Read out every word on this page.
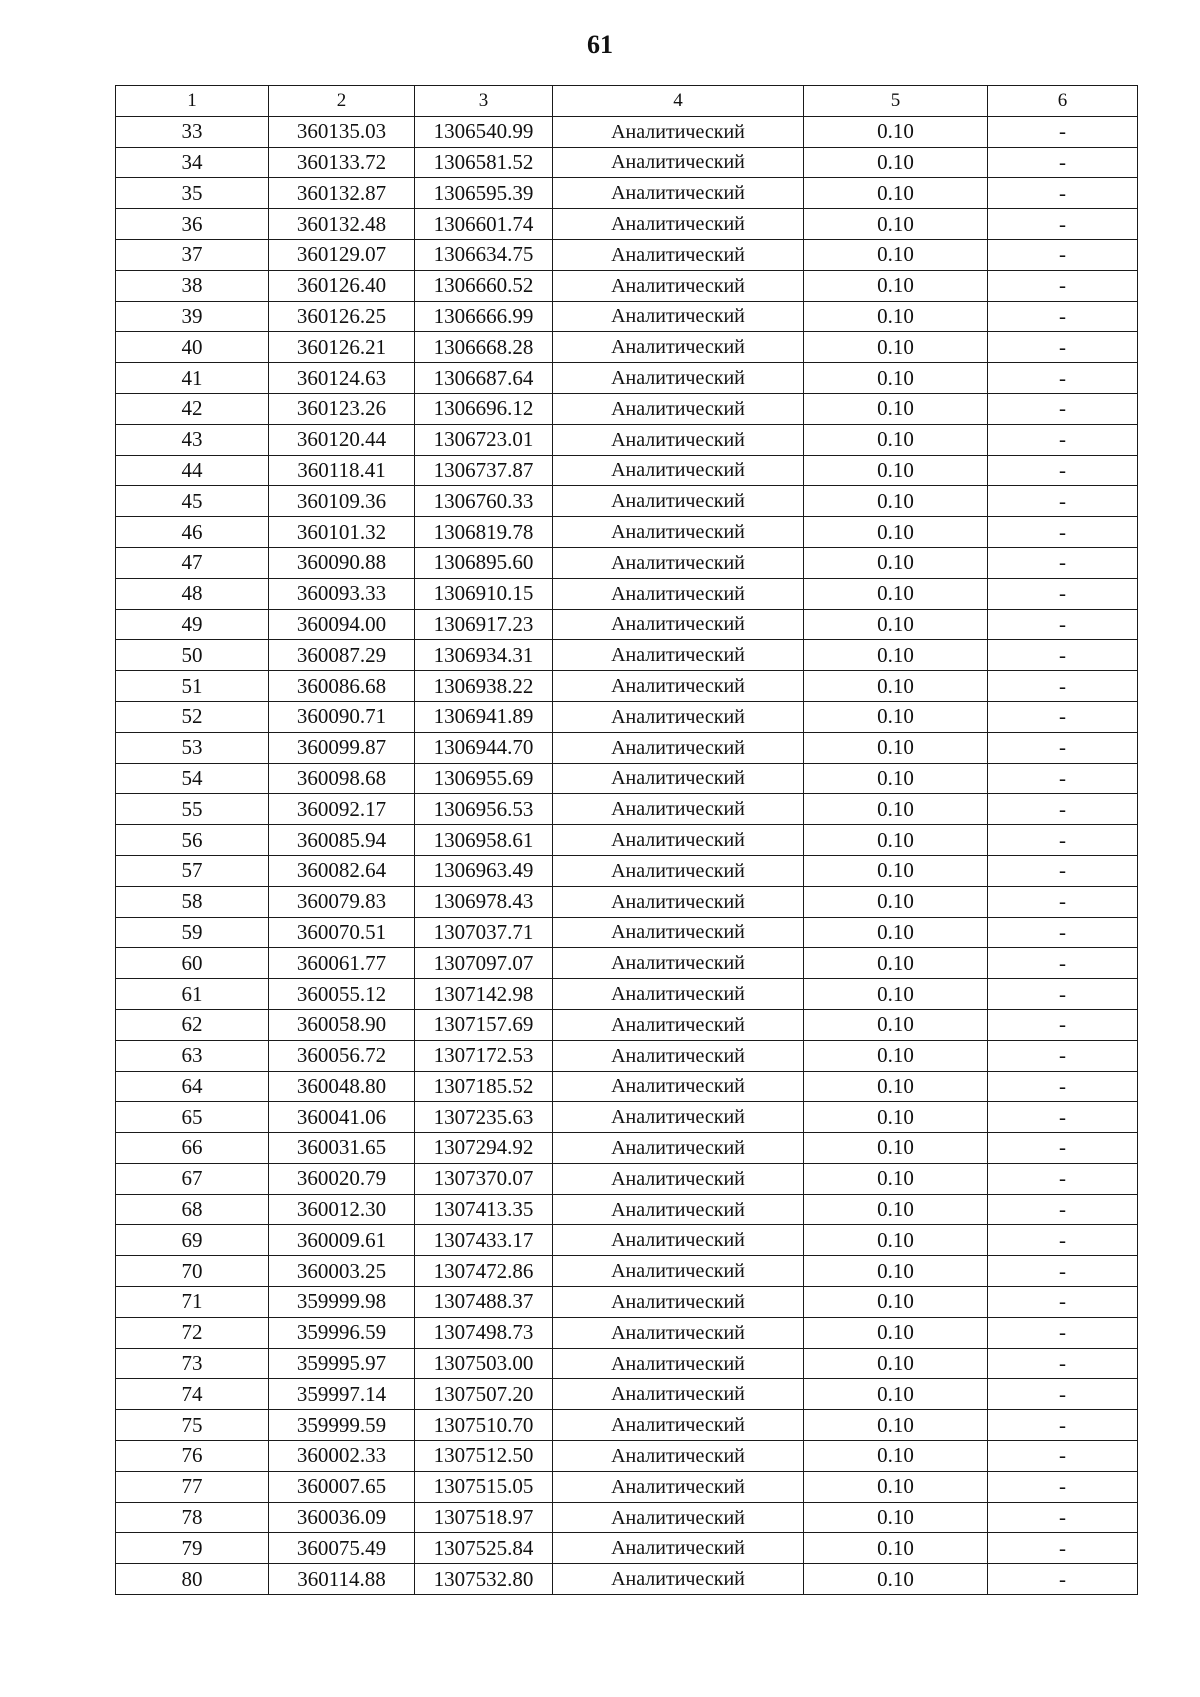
61
1	2	3	4	5	6
33	360135.03	1306540.99	Аналитический	0.10	-
34	360133.72	1306581.52	Аналитический	0.10	-
35	360132.87	1306595.39	Аналитический	0.10	-
36	360132.48	1306601.74	Аналитический	0.10	-
37	360129.07	1306634.75	Аналитический	0.10	-
38	360126.40	1306660.52	Аналитический	0.10	-
39	360126.25	1306666.99	Аналитический	0.10	-
40	360126.21	1306668.28	Аналитический	0.10	-
41	360124.63	1306687.64	Аналитический	0.10	-
42	360123.26	1306696.12	Аналитический	0.10	-
43	360120.44	1306723.01	Аналитический	0.10	-
44	360118.41	1306737.87	Аналитический	0.10	-
45	360109.36	1306760.33	Аналитический	0.10	-
46	360101.32	1306819.78	Аналитический	0.10	-
47	360090.88	1306895.60	Аналитический	0.10	-
48	360093.33	1306910.15	Аналитический	0.10	-
49	360094.00	1306917.23	Аналитический	0.10	-
50	360087.29	1306934.31	Аналитический	0.10	-
51	360086.68	1306938.22	Аналитический	0.10	-
52	360090.71	1306941.89	Аналитический	0.10	-
53	360099.87	1306944.70	Аналитический	0.10	-
54	360098.68	1306955.69	Аналитический	0.10	-
55	360092.17	1306956.53	Аналитический	0.10	-
56	360085.94	1306958.61	Аналитический	0.10	-
57	360082.64	1306963.49	Аналитический	0.10	-
58	360079.83	1306978.43	Аналитический	0.10	-
59	360070.51	1307037.71	Аналитический	0.10	-
60	360061.77	1307097.07	Аналитический	0.10	-
61	360055.12	1307142.98	Аналитический	0.10	-
62	360058.90	1307157.69	Аналитический	0.10	-
63	360056.72	1307172.53	Аналитический	0.10	-
64	360048.80	1307185.52	Аналитический	0.10	-
65	360041.06	1307235.63	Аналитический	0.10	-
66	360031.65	1307294.92	Аналитический	0.10	-
67	360020.79	1307370.07	Аналитический	0.10	-
68	360012.30	1307413.35	Аналитический	0.10	-
69	360009.61	1307433.17	Аналитический	0.10	-
70	360003.25	1307472.86	Аналитический	0.10	-
71	359999.98	1307488.37	Аналитический	0.10	-
72	359996.59	1307498.73	Аналитический	0.10	-
73	359995.97	1307503.00	Аналитический	0.10	-
74	359997.14	1307507.20	Аналитический	0.10	-
75	359999.59	1307510.70	Аналитический	0.10	-
76	360002.33	1307512.50	Аналитический	0.10	-
77	360007.65	1307515.05	Аналитический	0.10	-
78	360036.09	1307518.97	Аналитический	0.10	-
79	360075.49	1307525.84	Аналитический	0.10	-
80	360114.88	1307532.80	Аналитический	0.10	-
